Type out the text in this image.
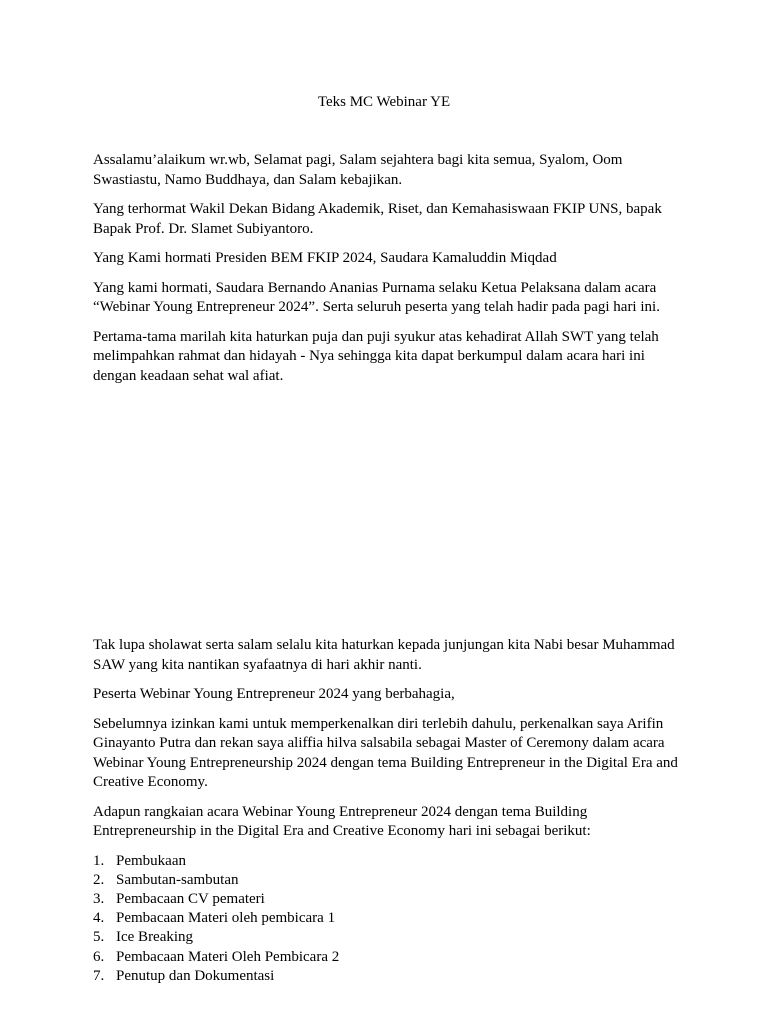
Teks MC Webinar YE

Assalamu’alaikum wr.wb, Selamat pagi, Salam sejahtera bagi kita semua, Syalom, Oom Swastiastu, Namo Buddhaya, dan Salam kebajikan.

Yang terhormat Wakil Dekan Bidang Akademik, Riset, dan Kemahasiswaan FKIP UNS, bapak Bapak Prof. Dr. Slamet Subiyantoro.

Yang Kami hormati Presiden BEM FKIP 2024, Saudara Kamaluddin Miqdad

Yang kami hormati, Saudara Bernando Ananias Purnama selaku Ketua Pelaksana dalam acara “Webinar Young Entrepreneur 2024”. Serta seluruh peserta yang telah hadir pada pagi hari ini.

Pertama-tama marilah kita haturkan puja dan puji syukur atas kehadirat Allah SWT yang telah melimpahkan rahmat dan hidayah - Nya sehingga kita dapat berkumpul dalam acara hari ini dengan keadaan sehat wal afiat.

Tak lupa sholawat serta salam selalu kita haturkan kepada junjungan kita Nabi besar Muhammad SAW yang kita nantikan syafaatnya di hari akhir nanti.

Peserta Webinar Young Entrepreneur 2024 yang berbahagia,

Sebelumnya izinkan kami untuk memperkenalkan diri terlebih dahulu, perkenalkan saya Arifin Ginayanto Putra dan rekan saya aliffia hilva salsabila sebagai Master of Ceremony dalam acara Webinar Young Entrepreneurship 2024 dengan tema Building Entrepreneur in the Digital Era and Creative Economy.

Adapun rangkaian acara Webinar Young Entrepreneur 2024 dengan tema Building Entrepreneurship in the Digital Era and Creative Economy hari ini sebagai berikut:

1. Pembukaan
2. Sambutan-sambutan
3. Pembacaan CV pemateri
4. Pembacaan Materi oleh pembicara 1
5. Ice Breaking
6. Pembacaan Materi Oleh Pembicara 2
7. Penutup dan Dokumentasi
